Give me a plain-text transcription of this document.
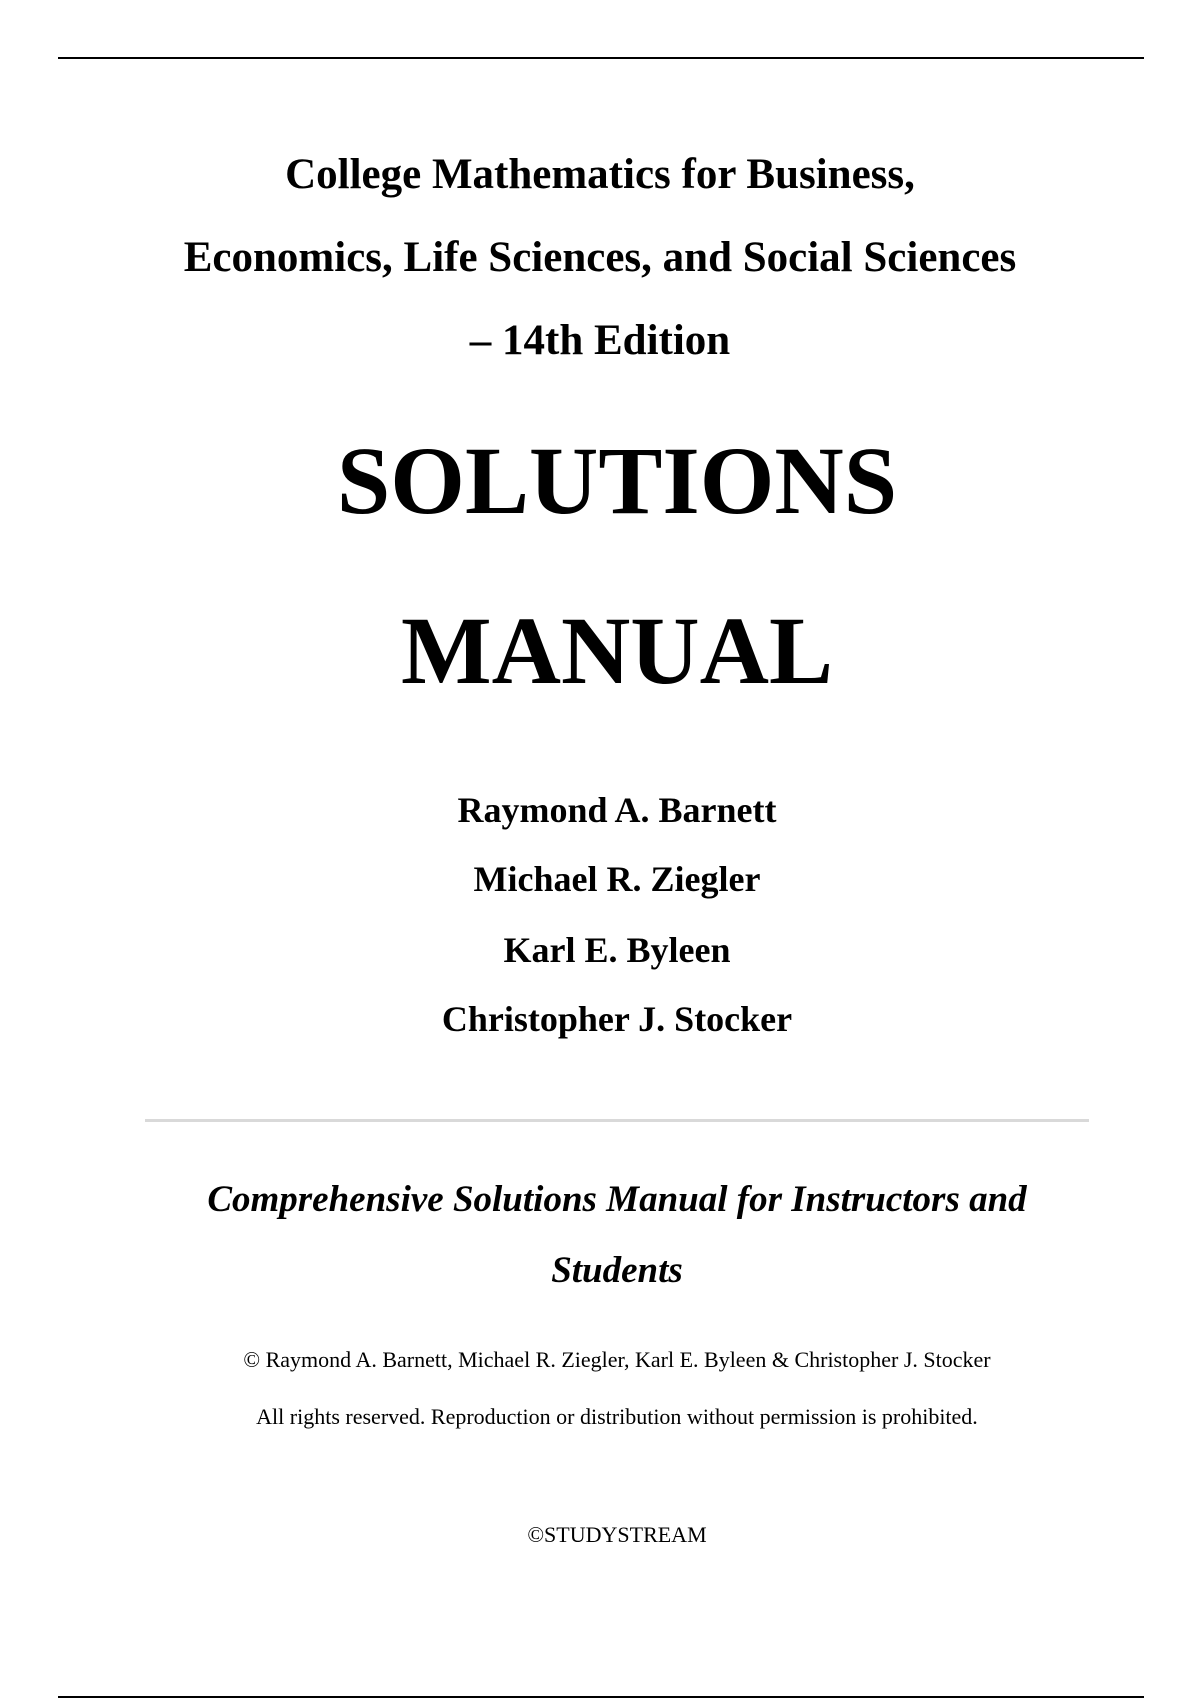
College Mathematics for Business,
Economics, Life Sciences, and Social Sciences
– 14th Edition
SOLUTIONS
MANUAL
Raymond A. Barnett
Michael R. Ziegler
Karl E. Byleen
Christopher J. Stocker
Comprehensive Solutions Manual for Instructors and
Students
© Raymond A. Barnett, Michael R. Ziegler, Karl E. Byleen & Christopher J. Stocker
All rights reserved. Reproduction or distribution without permission is prohibited.
©STUDYSTREAM
